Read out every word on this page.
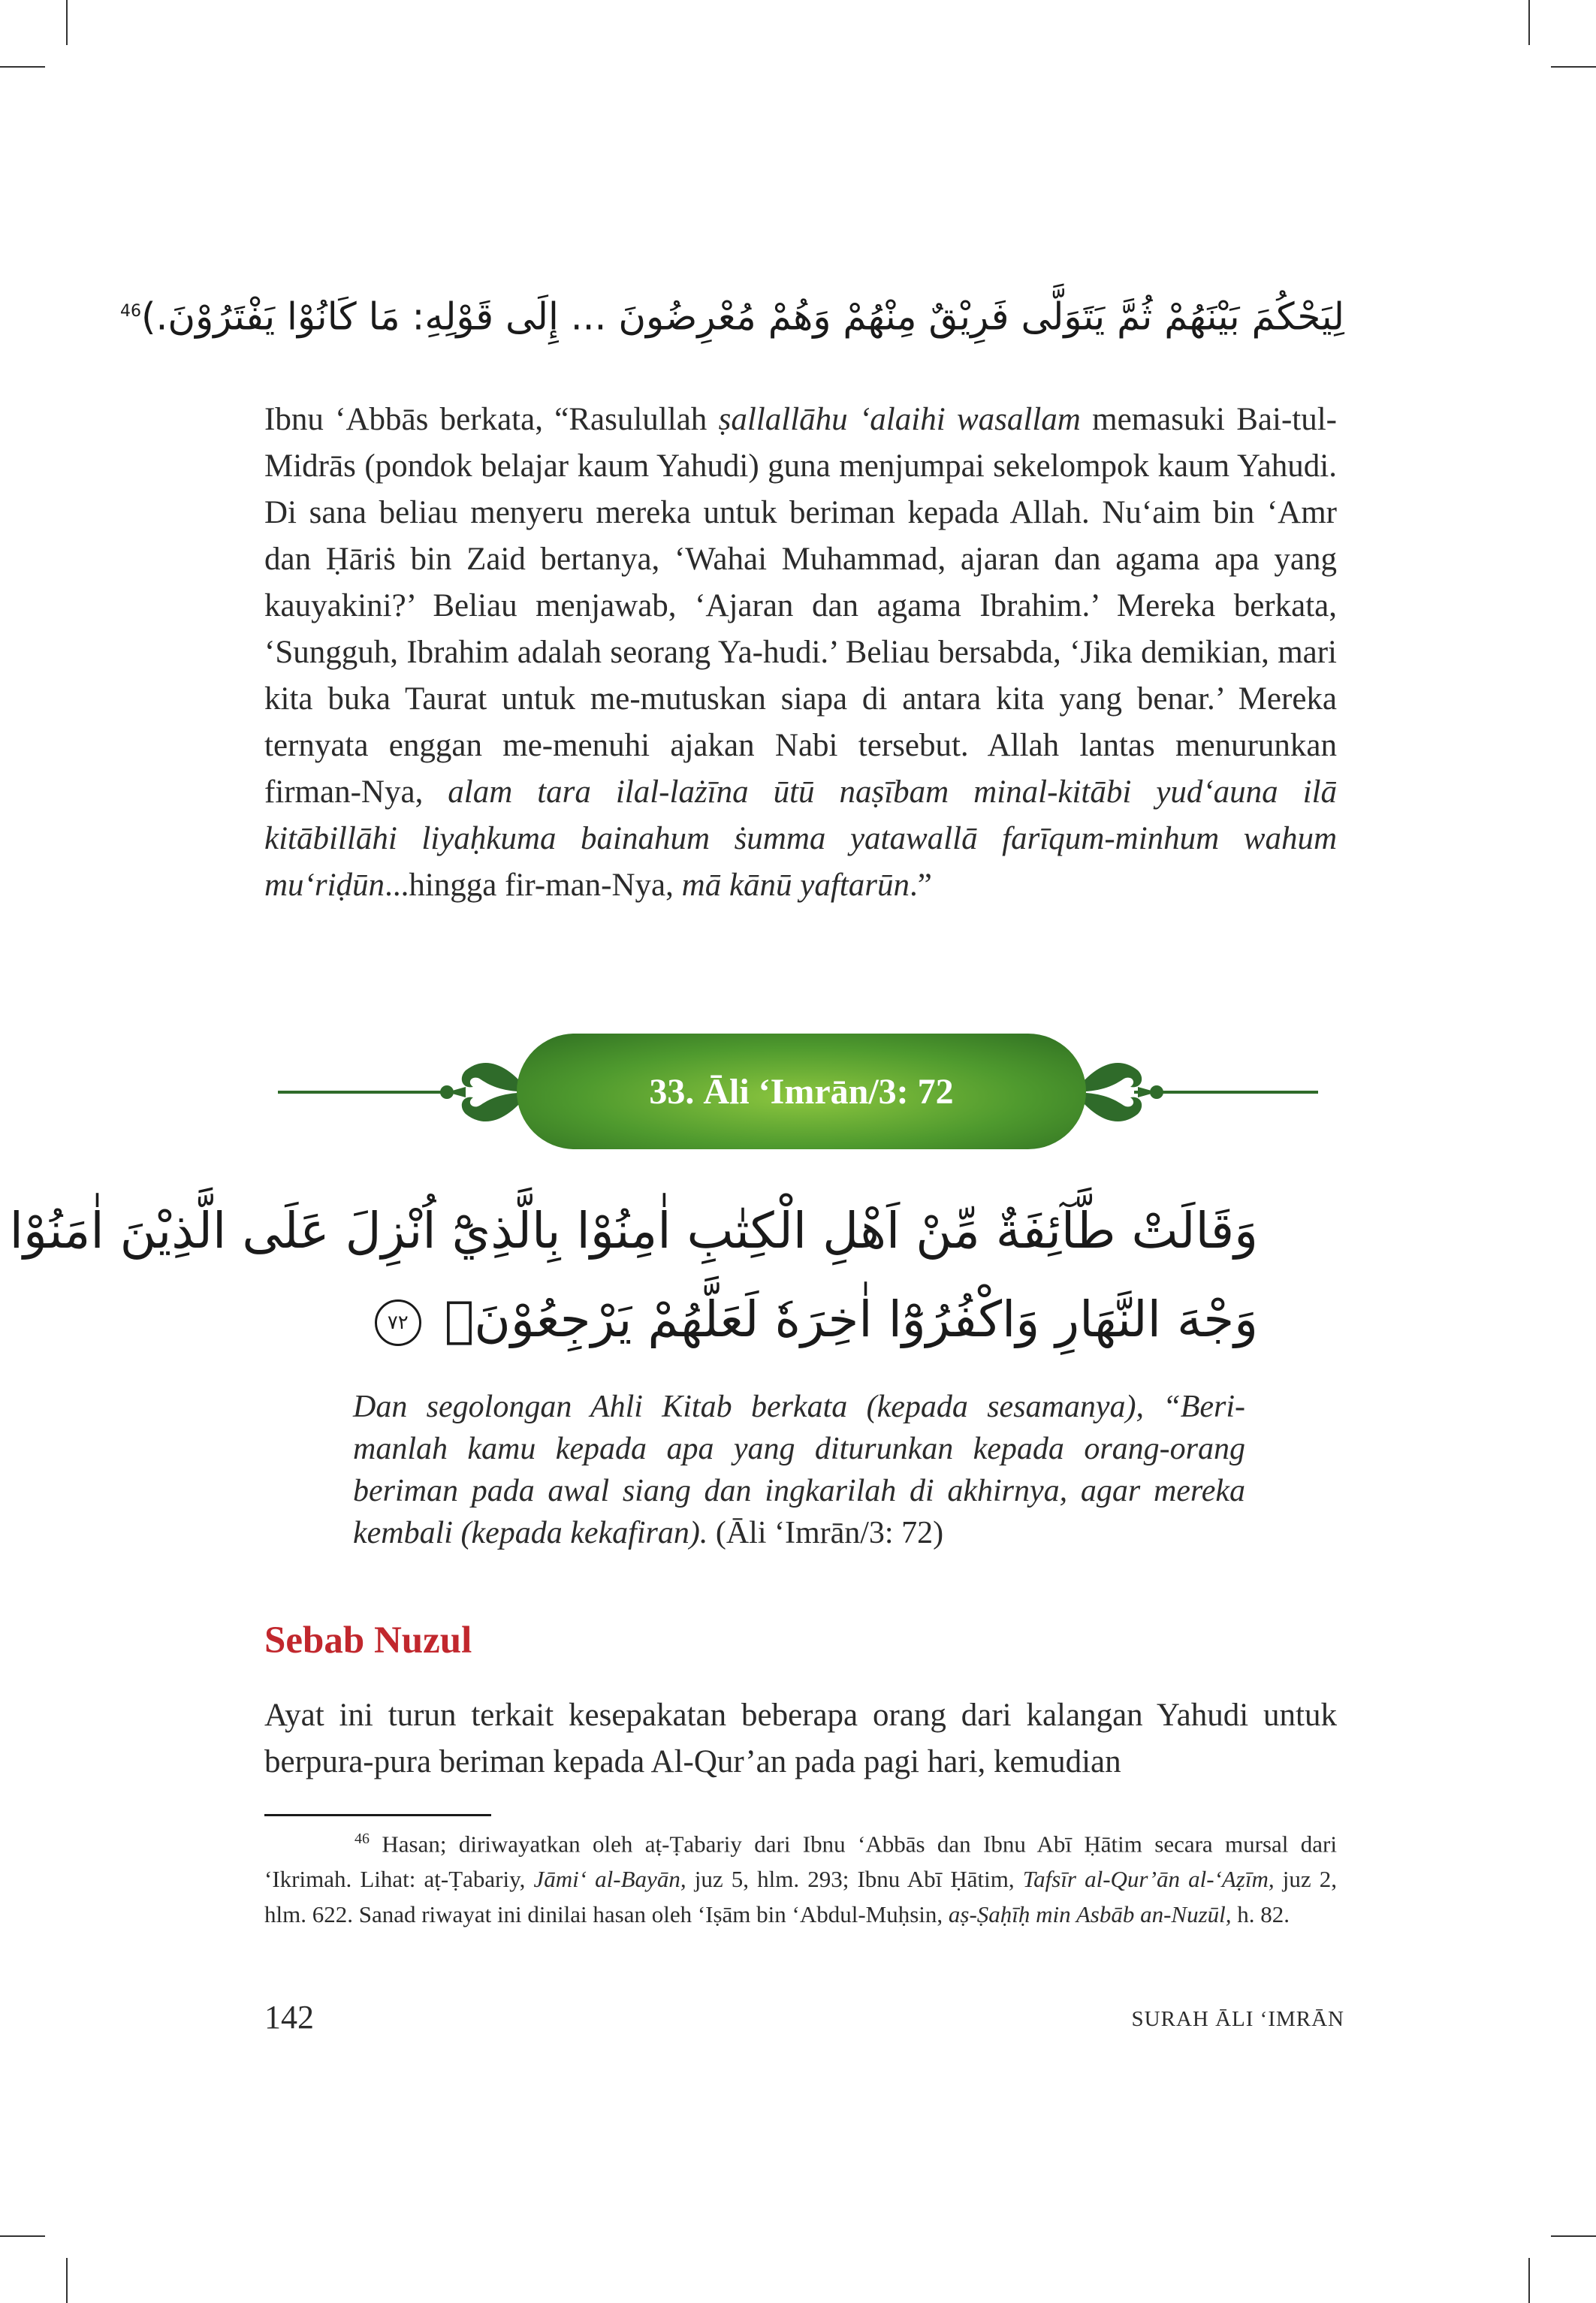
لِيَحْكُمَ بَيْنَهُمْ ثُمَّ يَتَوَلَّى فَرِيْقٌ مِنْهُمْ وَهُمْ مُعْرِضُونَ ... إِلَى قَوْلِهِ: مَا كَانُوْا يَفْتَرُوْنَ.)$^{46}$
Ibnu ‘Abbās berkata, “Rasulullah ṣallallāhu ‘alaihi wasallam memasuki Bai-tul-Midrās (pondok belajar kaum Yahudi) guna menjumpai sekelompok kaum Yahudi. Di sana beliau menyeru mereka untuk beriman kepada Allah. Nu‘aim bin ‘Amr dan Ḥāriṡ bin Zaid bertanya, ‘Wahai Muhammad, ajaran dan agama apa yang kauyakini?’ Beliau menjawab, ‘Ajaran dan agama Ibrahim.’ Mereka berkata, ‘Sungguh, Ibrahim adalah seorang Ya-hudi.’ Beliau bersabda, ‘Jika demikian, mari kita buka Taurat untuk me-mutuskan siapa di antara kita yang benar.’ Mereka ternyata enggan me-menuhi ajakan Nabi tersebut. Allah lantas menurunkan firman-Nya, alam tara ilal-lażīna ūtū naṣībam minal-kitābi yud‘auna ilā kitābillāhi liyaḥkuma bainahum ṡumma yatawallā farīqum-minhum wahum mu‘riḍūn...hingga fir-man-Nya, mā kānū yaftarūn.”
33. Āli ‘Imrān/3: 72
وَقَالَتْ طَّآئِفَةٌ مِّنْ اَهْلِ الْكِتٰبِ اٰمِنُوْا بِالَّذِيْٓ اُنْزِلَ عَلَى الَّذِيْنَ اٰمَنُوْا
وَجْهَ النَّهَارِ وَاكْفُرُوْٓا اٰخِرَهٗ لَعَلَّهُمْ يَرْجِعُوْنَۚ ٧٢
Dan segolongan Ahli Kitab berkata (kepada sesamanya), “Beri-manlah kamu kepada apa yang diturunkan kepada orang-orang beriman pada awal siang dan ingkarilah di akhirnya, agar mereka kembali (kepada kekafiran). (Āli ‘Imrān/3: 72)
Sebab Nuzul
Ayat ini turun terkait kesepakatan beberapa orang dari kalangan Yahudi untuk berpura-pura beriman kepada Al-Qur’an pada pagi hari, kemudian
$^{46}$ Hasan; diriwayatkan oleh aṭ-Ṭabariy dari Ibnu ‘Abbās dan Ibnu Abī Ḥātim secara mursal dari ‘Ikrimah. Lihat: aṭ-Ṭabariy, Jāmi‘ al-Bayān, juz 5, hlm. 293; Ibnu Abī Ḥātim, Tafsīr al-Qur’ān al-‘Aẓīm, juz 2, hlm. 622. Sanad riwayat ini dinilai hasan oleh ‘Iṣām bin ‘Abdul-Muḥsin, aṣ-Ṣaḥīḥ min Asbāb an-Nuzūl, h. 82.
142	SURAH ĀLI ‘IMRĀN
